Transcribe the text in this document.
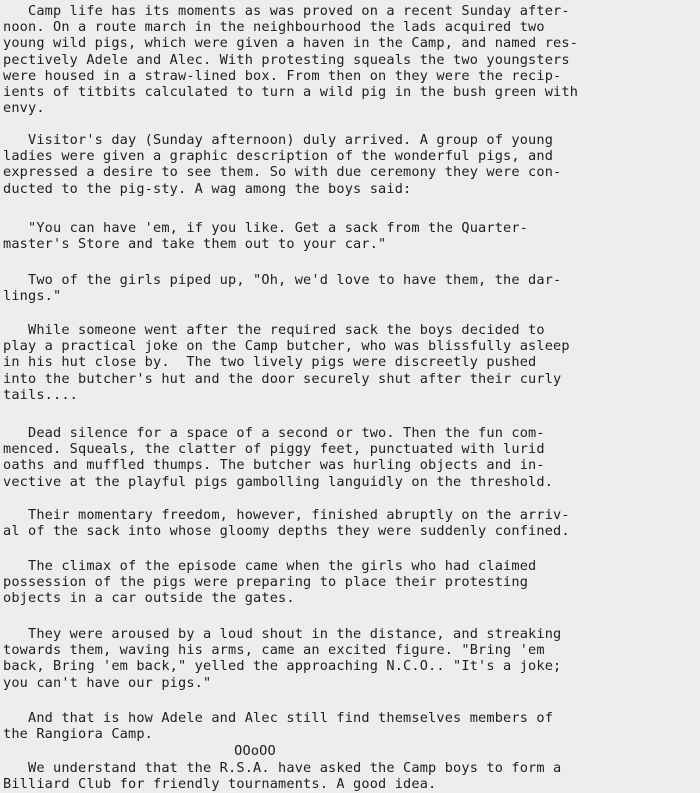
Camp life has its moments as was proved on a recent Sunday after-
noon. On a route march in the neighbourhood the lads acquired two
young wild pigs, which were given a haven in the Camp, and named res-
pectively Adele and Alec. With protesting squeals the two youngsters
were housed in a straw-lined box. From then on they were the recip-
ients of titbits calculated to turn a wild pig in the bush green with
envy.

Visitor's day (Sunday afternoon) duly arrived. A group of young
ladies were given a graphic description of the wonderful pigs, and
expressed a desire to see them. So with due ceremony they were con-
ducted to the pig-sty. A wag among the boys said:

"You can have 'em, if you like. Get a sack from the Quarter-
master's Store and take them out to your car."

Two of the girls piped up, "Oh, we'd love to have them, the dar-
lings."

While someone went after the required sack the boys decided to
play a practical joke on the Camp butcher, who was blissfully asleep
in his hut close by.  The two lively pigs were discreetly pushed
into the butcher's hut and the door securely shut after their curly
tails....

Dead silence for a space of a second or two. Then the fun com-
menced. Squeals, the clatter of piggy feet, punctuated with lurid
oaths and muffled thumps. The butcher was hurling objects and in-
vective at the playful pigs gambolling languidly on the threshold.

Their momentary freedom, however, finished abruptly on the arriv-
al of the sack into whose gloomy depths they were suddenly confined.

The climax of the episode came when the girls who had claimed
possession of the pigs were preparing to place their protesting
objects in a car outside the gates.

They were aroused by a loud shout in the distance, and streaking
towards them, waving his arms, came an excited figure. "Bring 'em
back, Bring 'em back," yelled the approaching N.C.O.. "It's a joke;
you can't have our pigs."

And that is how Adele and Alec still find themselves members of
the Rangiora Camp.

OOoOO

We understand that the R.S.A. have asked the Camp boys to form a
Billiard Club for friendly tournaments. A good idea.
